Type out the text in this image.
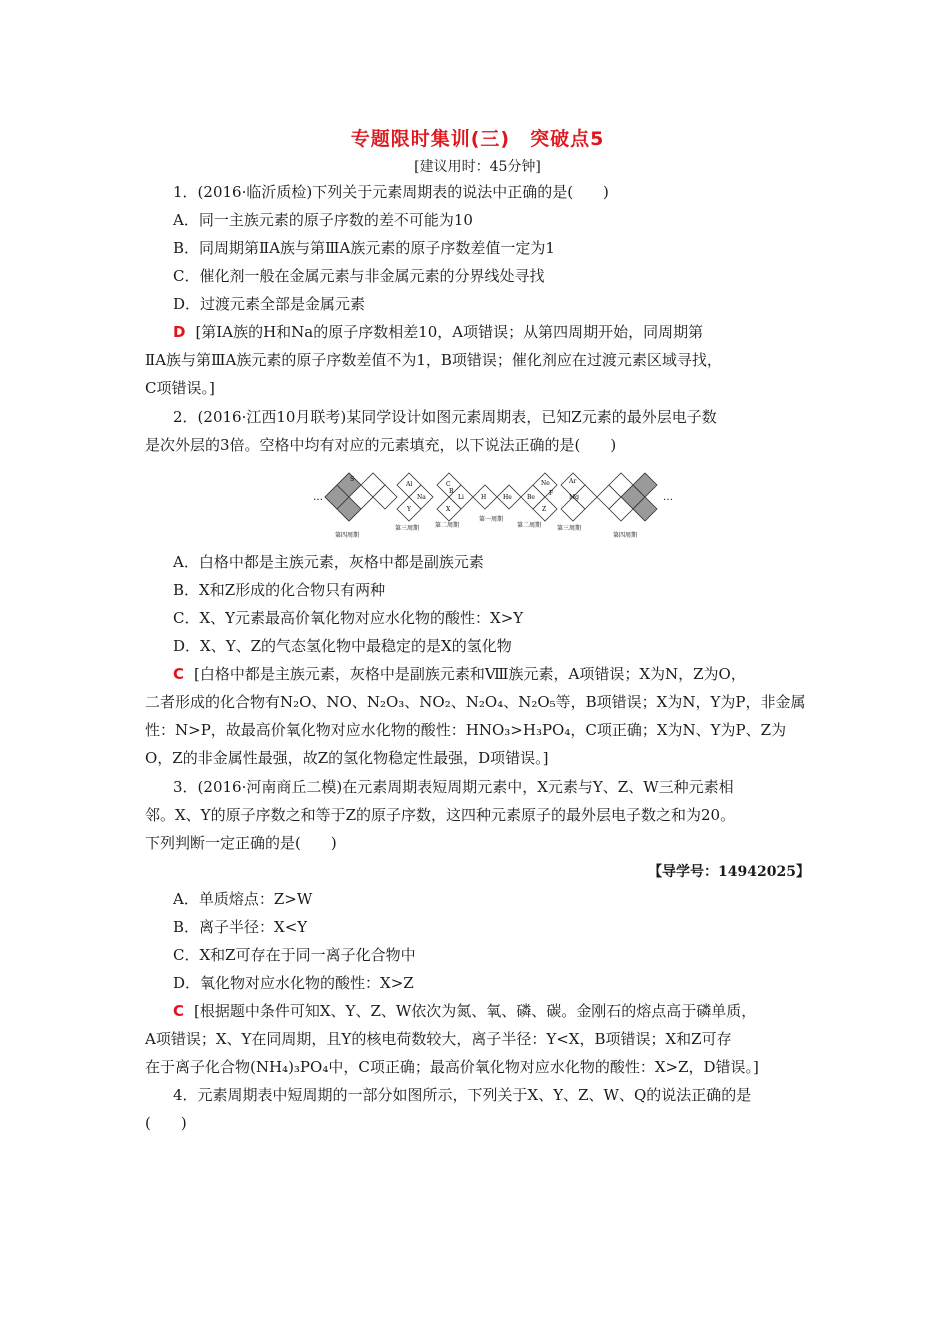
专题限时集训(三)　突破点5
[建议用时：45分钟]
1．(2016·临沂质检)下列关于元素周期表的说法中正确的是(　　)
A．同一主族元素的原子序数的差不可能为10
B．同周期第ⅡA族与第ⅢA族元素的原子序数差值一定为1
C．催化剂一般在金属元素与非金属元素的分界线处寻找
D．过渡元素全部是金属元素
D [第ⅠA族的H和Na的原子序数相差10，A项错误；从第四周期开始，同周期第
ⅡA族与第ⅢA族元素的原子序数差值不为1，B项错误；催化剂应在过渡元素区域寻找，
C项错误。]
2．(2016·江西10月联考)某同学设计如图元素周期表，已知Z元素的最外层电子数
是次外层的3倍。空格中均有对应的元素填充，以下说法正确的是(　　)
…	…
S
第四周期
Al
Na
Y
第三周期
C
B
Li
X
第二周期
H	He
第一周期
Be
Ne
F
Z
第二周期
Ar
Mg
第三周期
第四周期
A．白格中都是主族元素，灰格中都是副族元素
B．X和Z形成的化合物只有两种
C．X、Y元素最高价氧化物对应水化物的酸性：X>Y
D．X、Y、Z的气态氢化物中最稳定的是X的氢化物
C [白格中都是主族元素，灰格中是副族元素和Ⅷ族元素，A项错误；X为N，Z为O，
二者形成的化合物有N₂O、NO、N₂O₃、NO₂、N₂O₄、N₂O₅等，B项错误；X为N，Y为P，非金属
性：N>P，故最高价氧化物对应水化物的酸性：HNO₃>H₃PO₄，C项正确；X为N、Y为P、Z为
O，Z的非金属性最强，故Z的氢化物稳定性最强，D项错误。]
3．(2016·河南商丘二模)在元素周期表短周期元素中，X元素与Y、Z、W三种元素相
邻。X、Y的原子序数之和等于Z的原子序数，这四种元素原子的最外层电子数之和为20。
下列判断一定正确的是(　　)
【导学号：14942025】
A．单质熔点：Z>W
B．离子半径：X<Y
C．X和Z可存在于同一离子化合物中
D．氧化物对应水化物的酸性：X>Z
C [根据题中条件可知X、Y、Z、W依次为氮、氧、磷、碳。金刚石的熔点高于磷单质，
A项错误；X、Y在同周期，且Y的核电荷数较大，离子半径：Y<X，B项错误；X和Z可存
在于离子化合物(NH₄)₃PO₄中，C项正确；最高价氧化物对应水化物的酸性：X>Z，D错误。]
4．元素周期表中短周期的一部分如图所示，下列关于X、Y、Z、W、Q的说法正确的是
(　　)
